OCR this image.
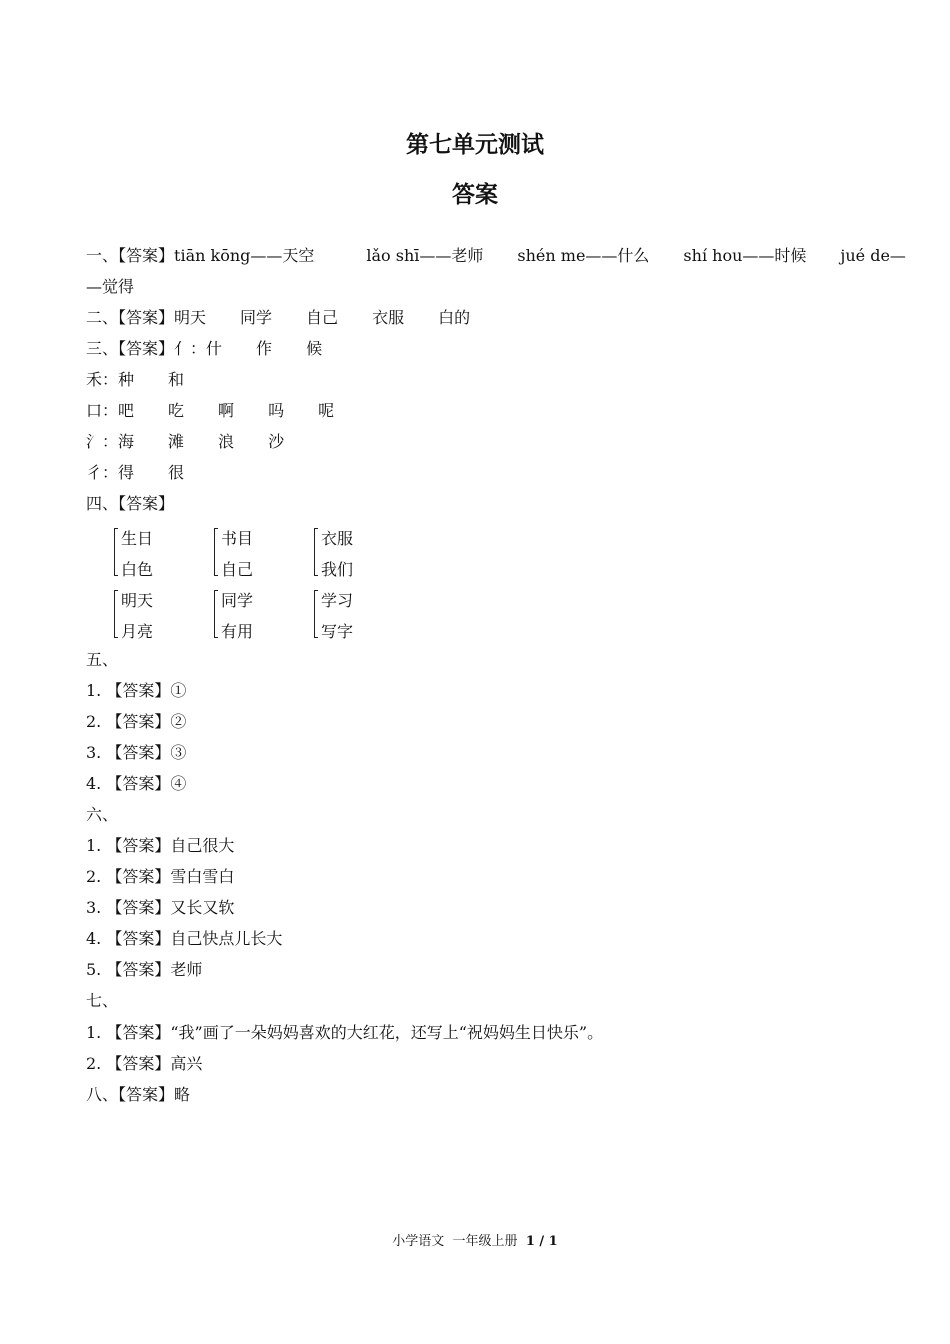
第七单元测试
答案
一、【答案】tiān kōng——天空	lǎo shī——老师 shén me——什么 shí hou——时候 jué de—
—觉得
二、【答案】明天 同学 自己 衣服 白的
三、【答案】亻：什 作 候
禾：种 和
口：吧 吃 啊 吗 呢
氵：海 滩 浪 沙
彳：得 很
四、【答案】
生日
白色
书目
自己
衣服
我们
明天
月亮
同学
有用
学习
写字
五、
1. 【答案】①
2. 【答案】②
3. 【答案】③
4. 【答案】④
六、
1. 【答案】自己很大
2. 【答案】雪白雪白
3. 【答案】又长又软
4. 【答案】自己快点儿长大
5. 【答案】老师
七、
1. 【答案】“我”画了一朵妈妈喜欢的大红花，还写上“祝妈妈生日快乐”。
2. 【答案】高兴
八、【答案】略
小学语文  一年级上册  1 / 1
